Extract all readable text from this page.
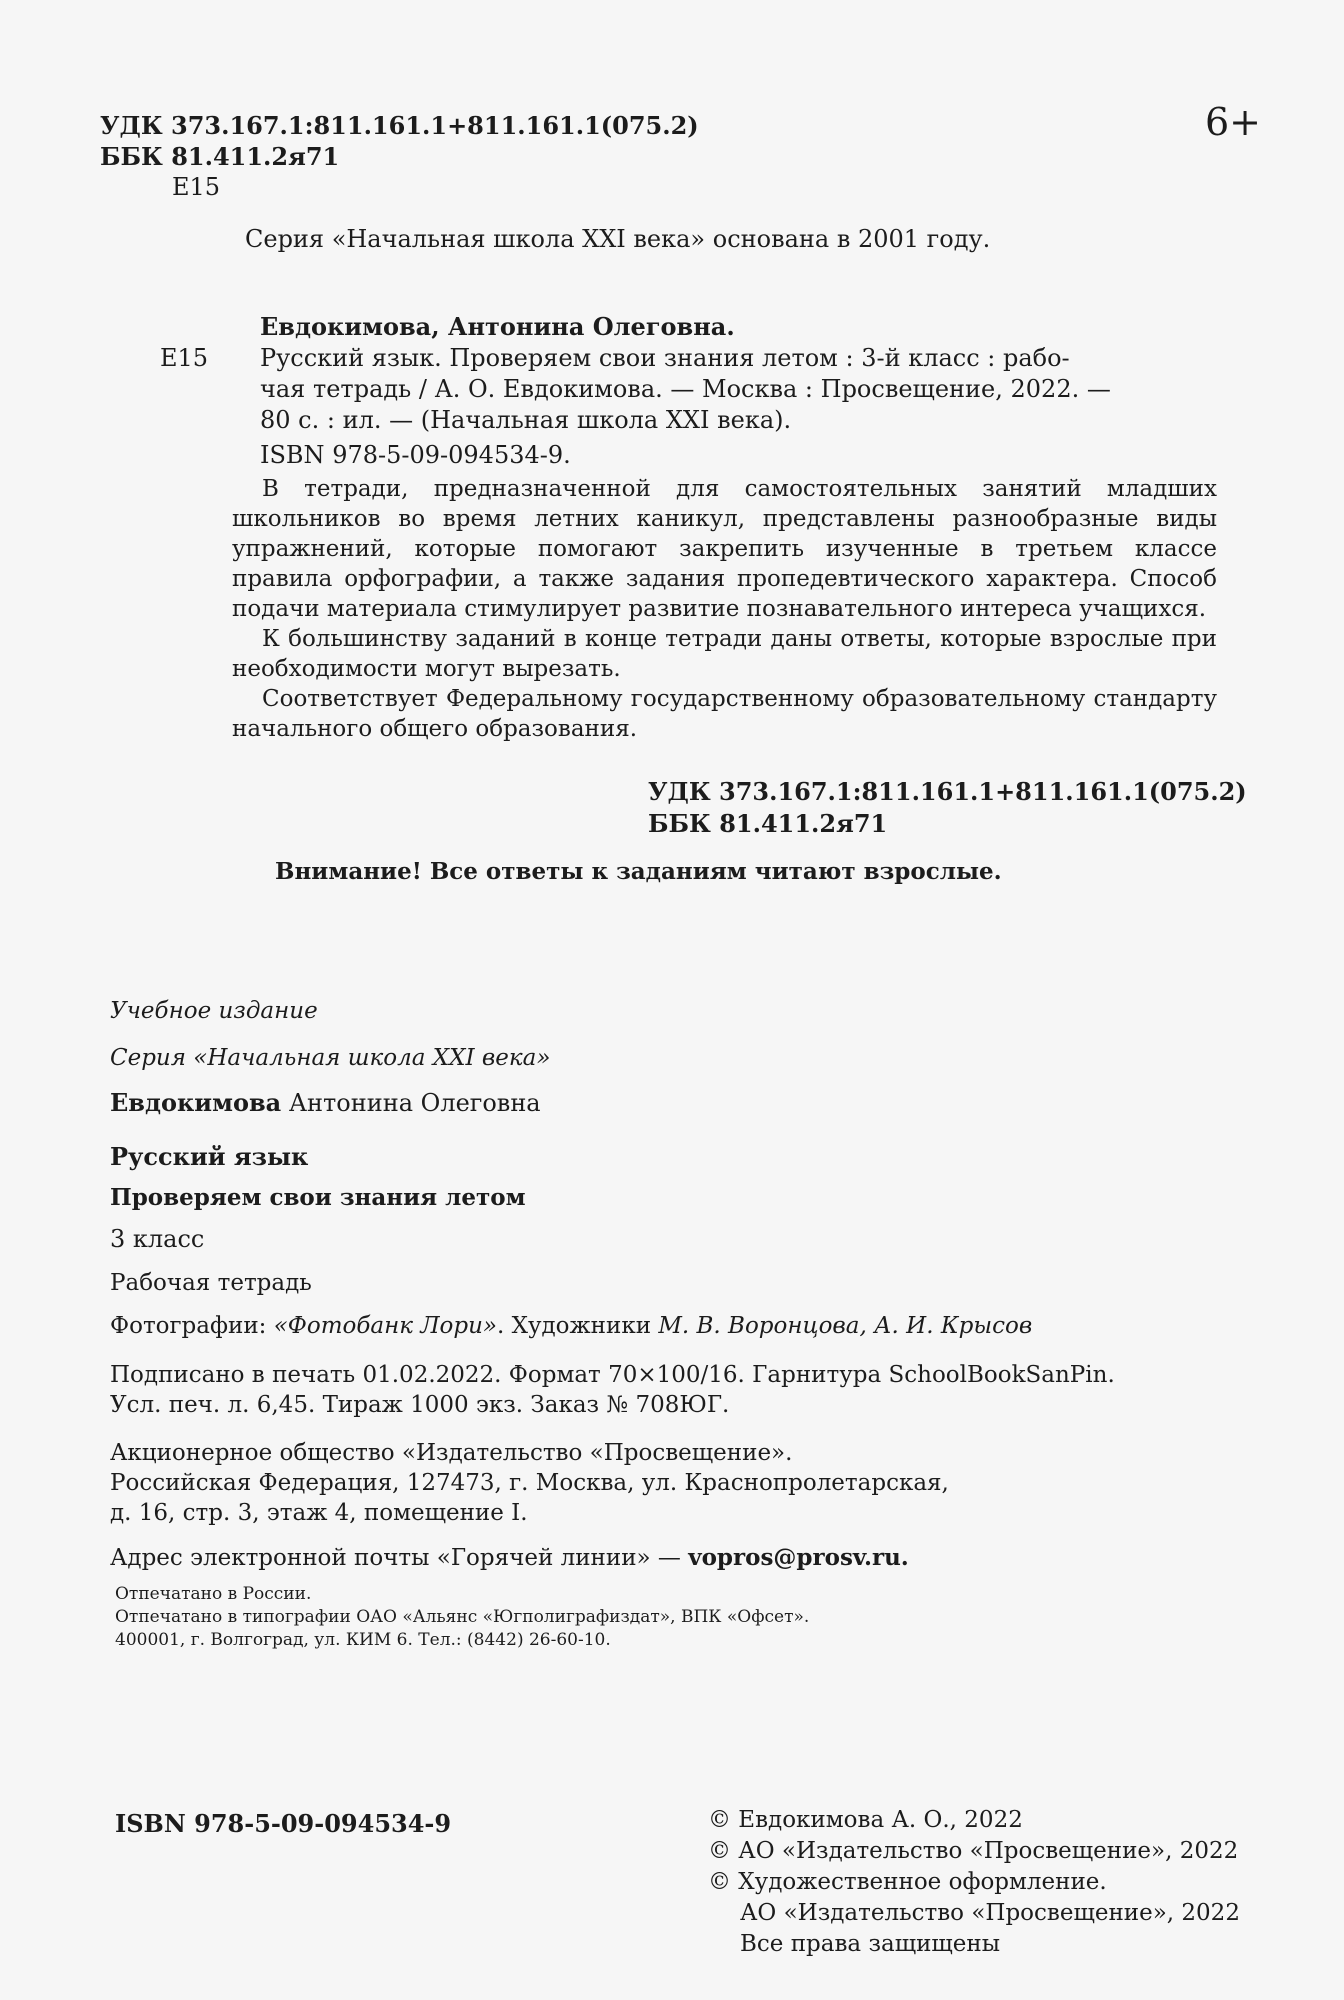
УДК 373.167.1:811.161.1+811.161.1(075.2)
ББК 81.411.2я71
Е15
6+
Серия «Начальная школа XXI века» основана в 2001 году.
Евдокимова, Антонина Олеговна.
Е15 Русский язык. Проверяем свои знания летом : 3-й класс : рабо-
чая тетрадь / А. О. Евдокимова. — Москва : Просвещение, 2022. —
80 с. : ил. — (Начальная школа XXI века).
ISBN 978-5-09-094534-9.

В тетради, предназначенной для самостоятельных занятий младших школьников во время летних каникул, представлены разнообразные виды упражнений, которые помогают закрепить изученные в третьем классе правила орфографии, а также задания пропедевтического характера. Способ подачи материала стимулирует развитие познавательного интереса учащихся.

К большинству заданий в конце тетради даны ответы, которые взрослые при необходимости могут вырезать.

Соответствует Федеральному государственному образовательному стандарту начального общего образования.

УДК 373.167.1:811.161.1+811.161.1(075.2)
ББК 81.411.2я71
Внимание! Все ответы к заданиям читают взрослые.
Учебное издание
Серия «Начальная школа XXI века»
Евдокимова Антонина Олеговна
Русский язык
Проверяем свои знания летом
3 класс
Рабочая тетрадь
Фотографии: «Фотобанк Лори». Художники М. В. Воронцова, А. И. Крысов
Подписано в печать 01.02.2022. Формат 70×100/16. Гарнитура SchoolBookSanPin.
Усл. печ. л. 6,45. Тираж 1000 экз. Заказ № 708ЮГ.
Акционерное общество «Издательство «Просвещение».
Российская Федерация, 127473, г. Москва, ул. Краснопролетарская,
д. 16, стр. 3, этаж 4, помещение I.
Адрес электронной почты «Горячей линии» — vopros@prosv.ru.
Отпечатано в России.
Отпечатано в типографии ОАО «Альянс «Югполиграфиздат», ВПК «Офсет».
400001, г. Волгоград, ул. КИМ 6. Тел.: (8442) 26-60-10.
ISBN 978-5-09-094534-9	© Евдокимова А. О., 2022
© АО «Издательство «Просвещение», 2022
© Художественное оформление.
АО «Издательство «Просвещение», 2022
Все права защищены
